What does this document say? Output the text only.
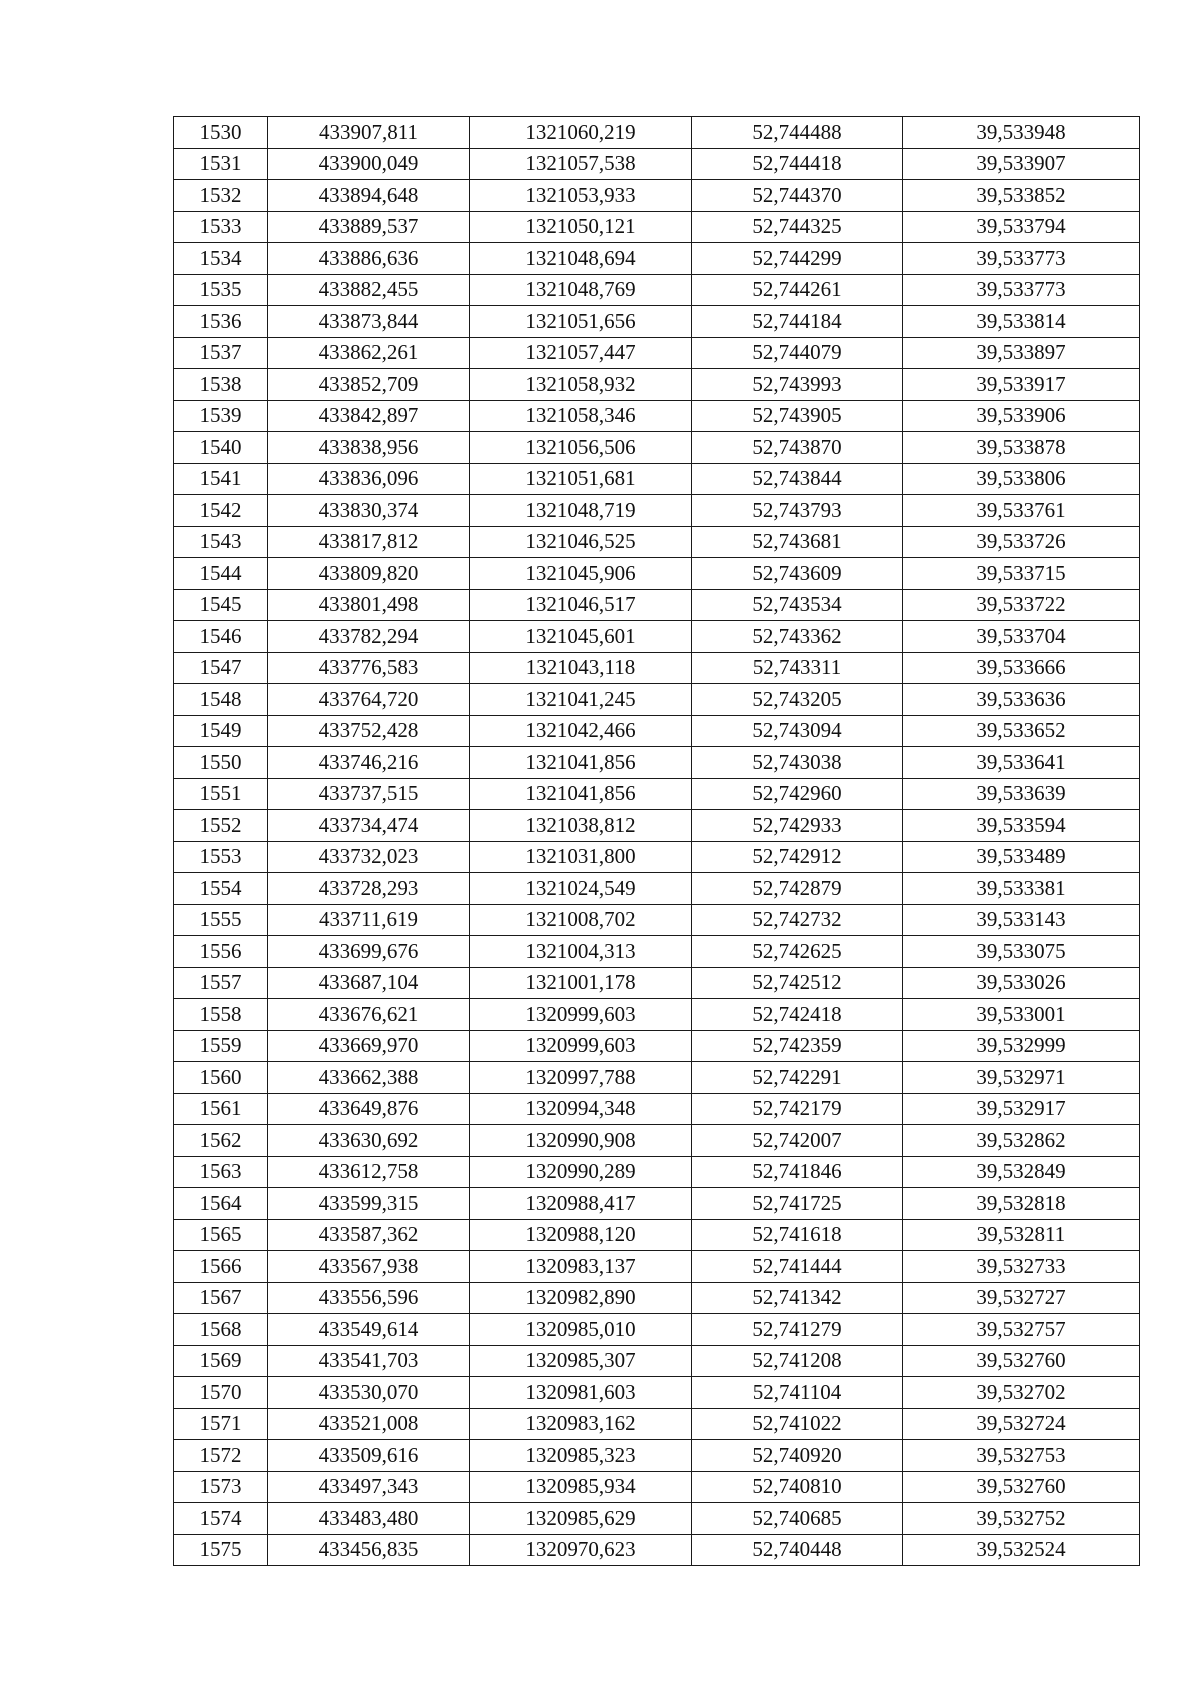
1530	433907,811	1321060,219	52,744488	39,533948
1531	433900,049	1321057,538	52,744418	39,533907
1532	433894,648	1321053,933	52,744370	39,533852
1533	433889,537	1321050,121	52,744325	39,533794
1534	433886,636	1321048,694	52,744299	39,533773
1535	433882,455	1321048,769	52,744261	39,533773
1536	433873,844	1321051,656	52,744184	39,533814
1537	433862,261	1321057,447	52,744079	39,533897
1538	433852,709	1321058,932	52,743993	39,533917
1539	433842,897	1321058,346	52,743905	39,533906
1540	433838,956	1321056,506	52,743870	39,533878
1541	433836,096	1321051,681	52,743844	39,533806
1542	433830,374	1321048,719	52,743793	39,533761
1543	433817,812	1321046,525	52,743681	39,533726
1544	433809,820	1321045,906	52,743609	39,533715
1545	433801,498	1321046,517	52,743534	39,533722
1546	433782,294	1321045,601	52,743362	39,533704
1547	433776,583	1321043,118	52,743311	39,533666
1548	433764,720	1321041,245	52,743205	39,533636
1549	433752,428	1321042,466	52,743094	39,533652
1550	433746,216	1321041,856	52,743038	39,533641
1551	433737,515	1321041,856	52,742960	39,533639
1552	433734,474	1321038,812	52,742933	39,533594
1553	433732,023	1321031,800	52,742912	39,533489
1554	433728,293	1321024,549	52,742879	39,533381
1555	433711,619	1321008,702	52,742732	39,533143
1556	433699,676	1321004,313	52,742625	39,533075
1557	433687,104	1321001,178	52,742512	39,533026
1558	433676,621	1320999,603	52,742418	39,533001
1559	433669,970	1320999,603	52,742359	39,532999
1560	433662,388	1320997,788	52,742291	39,532971
1561	433649,876	1320994,348	52,742179	39,532917
1562	433630,692	1320990,908	52,742007	39,532862
1563	433612,758	1320990,289	52,741846	39,532849
1564	433599,315	1320988,417	52,741725	39,532818
1565	433587,362	1320988,120	52,741618	39,532811
1566	433567,938	1320983,137	52,741444	39,532733
1567	433556,596	1320982,890	52,741342	39,532727
1568	433549,614	1320985,010	52,741279	39,532757
1569	433541,703	1320985,307	52,741208	39,532760
1570	433530,070	1320981,603	52,741104	39,532702
1571	433521,008	1320983,162	52,741022	39,532724
1572	433509,616	1320985,323	52,740920	39,532753
1573	433497,343	1320985,934	52,740810	39,532760
1574	433483,480	1320985,629	52,740685	39,532752
1575	433456,835	1320970,623	52,740448	39,532524
